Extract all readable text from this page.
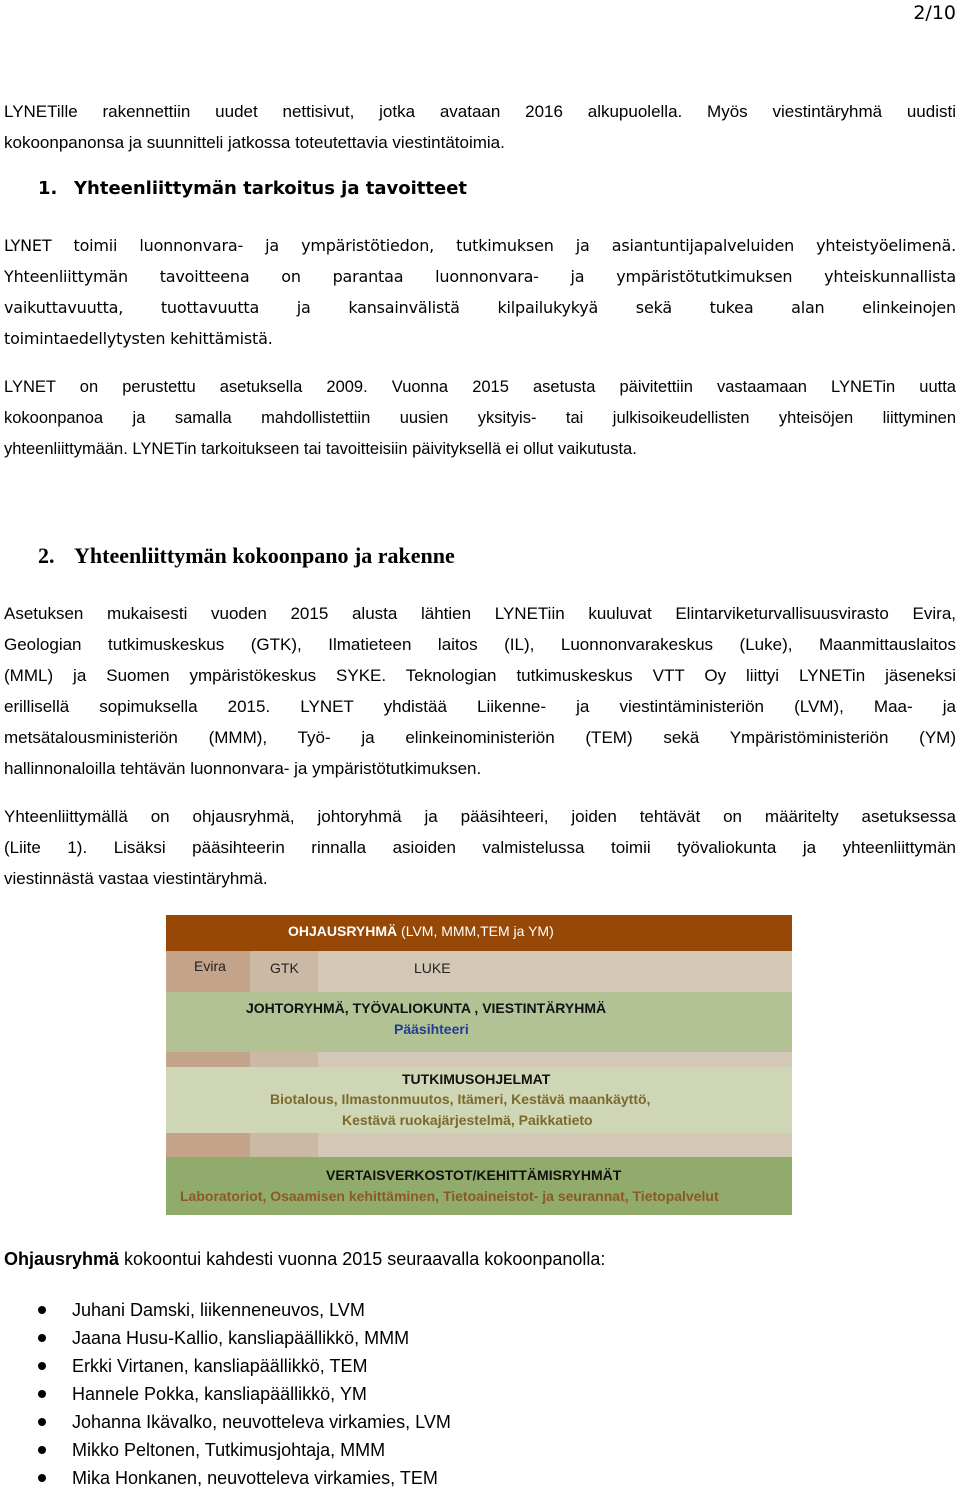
2/10
LYNETille rakennettiin uudet nettisivut, jotka avataan 2016 alkupuolella. Myös viestintäryhmä uudisti
kokoonpanonsa ja suunnitteli jatkossa toteutettavia viestintätoimia.
1. Yhteenliittymän tarkoitus ja tavoitteet
LYNET toimii luonnonvara- ja ympäristötiedon, tutkimuksen ja asiantuntijapalveluiden yhteistyöelimenä.
Yhteenliittymän tavoitteena on parantaa luonnonvara- ja ympäristötutkimuksen yhteiskunnallista
vaikuttavuutta, tuottavuutta ja kansainvälistä kilpailukykyä sekä tukea alan elinkeinojen
toimintaedellytysten kehittämistä.
LYNET on perustettu asetuksella 2009. Vuonna 2015 asetusta päivitettiin vastaamaan LYNETin uutta
kokoonpanoa ja samalla mahdollistettiin uusien yksityis- tai julkisoikeudellisten yhteisöjen liittyminen
yhteenliittymään. LYNETin tarkoitukseen tai tavoitteisiin päivityksellä ei ollut vaikutusta.
2. Yhteenliittymän kokoonpano ja rakenne
Asetuksen mukaisesti vuoden 2015 alusta lähtien LYNETiin kuuluvat Elintarviketurvallisuusvirasto Evira,
Geologian tutkimuskeskus (GTK), Ilmatieteen laitos (IL), Luonnonvarakeskus (Luke), Maanmittauslaitos
(MML) ja Suomen ympäristökeskus SYKE. Teknologian tutkimuskeskus VTT Oy liittyi LYNETin jäseneksi
erillisellä sopimuksella 2015. LYNET yhdistää Liikenne- ja viestintäministeriön (LVM), Maa- ja
metsätalousministeriön (MMM), Työ- ja elinkeinoministeriön (TEM) sekä Ympäristöministeriön (YM)
hallinnonaloilla tehtävän luonnonvara- ja ympäristötutkimuksen.
Yhteenliittymällä on ohjausryhmä, johtoryhmä ja pääsihteeri, joiden tehtävät on määritelty asetuksessa
(Liite 1). Lisäksi pääsihteerin rinnalla asioiden valmistelussa toimii työvaliokunta ja yhteenliittymän
viestinnästä vastaa viestintäryhmä.
OHJAUSRYHMÄ (LVM, MMM,TEM ja YM)
Evira	GTK	LUKE
JOHTORYHMÄ, TYÖVALIOKUNTA , VIESTINTÄRYHMÄ
Pääsihteeri
TUTKIMUSOHJELMAT
Biotalous, Ilmastonmuutos, Itämeri, Kestävä maankäyttö,
Kestävä ruokajärjestelmä, Paikkatieto
VERTAISVERKOSTOT/KEHITTÄMISRYHMÄT
Laboratoriot, Osaamisen kehittäminen, Tietoaineistot- ja seurannat, Tietopalvelut
Ohjausryhmä kokoontui kahdesti vuonna 2015 seuraavalla kokoonpanolla:
Juhani Damski, liikenneneuvos, LVM
Jaana Husu-Kallio, kansliapäällikkö, MMM
Erkki Virtanen, kansliapäällikkö, TEM
Hannele Pokka, kansliapäällikkö, YM
Johanna Ikävalko, neuvotteleva virkamies, LVM
Mikko Peltonen, Tutkimusjohtaja, MMM
Mika Honkanen, neuvotteleva virkamies, TEM
